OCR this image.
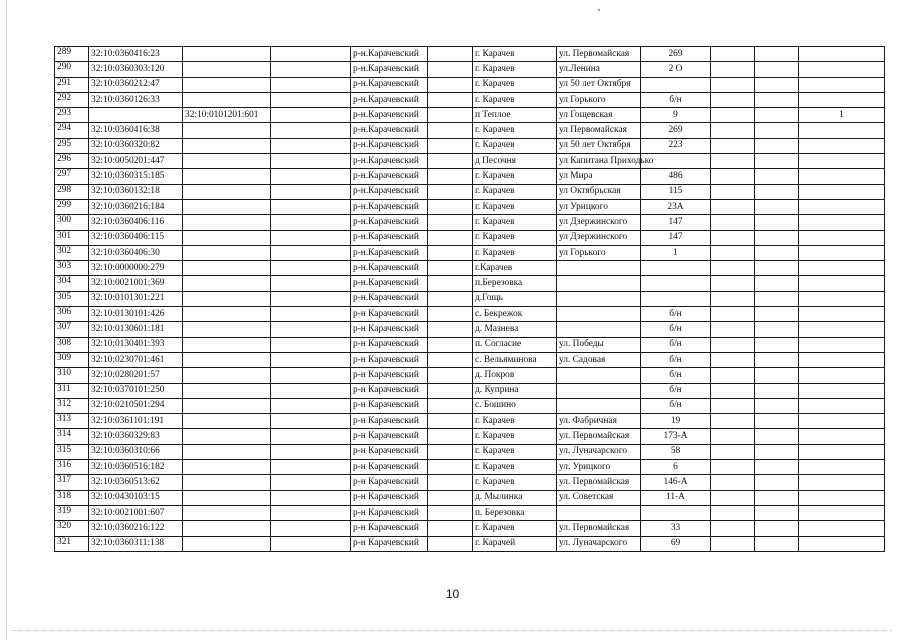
289	32:10:0360416:23			р-н.Карачевский		г. Карачев	ул. Первомайская	269			
290	32:10:0360303:120			р-н.Карачевский		г. Карачев	ул.Ленина	2 О			
291	32:10:0360212:47			р-н.Карачевский		г. Карачев	ул 50 лет Октября				
292	32:10:0360126:33			р-н.Карачевский		г. Карачев	ул Горького	б/н			
293		32:10:0101201:601		р-н.Карачевский		п Теплое	ул Гощевская	9			1
294	32:10:0360416:38			р-н.Карачевский		г. Карачев	ул Первомайская	269			
295	32:10:0360320:82			р-н.Карачевский		г. Карачев	ул 50 лет Октября	223			
296	32:10:0050201:447			р-н.Карачевский		д Песочня	ул Капитана Приходько				
297	32:10:0360315:185			р-н.Карачевский		г. Карачев	ул Мира	486			
298	32:10:0360132:18			р-н.Карачевский		г. Карачев	ул Октябрьская	115			
299	32:10:0360216:184			р-н.Карачевский		г. Карачев	ул Урицкого	23А			
300	32:10:0360406:116			р-н.Карачевский		г. Карачев	ул Дзержинского	147			
301	32:10:0360406:115			р-н.Карачевский		г. Карачев	ул Дзержинского	147			
302	32:10:0360406:30			р-н.Карачевский		г. Карачев	ул Горького	1			
303	32:10:0000000:279			р-н.Карачевский		г.Карачев					
304	32:10:0021001:369			р-н.Карачевский		п.Березовка					
305	32:10:0101301:221			р-н.Карачевский		д.Гощь					
306	32:10:0130101:426			р-н Карачевский		с. Бекрежок		б/н			
307	32:10:0130601:181			р-н Карачевский		д. Мазнева		б/н			
308	32:10:0130401:393			р-н Карачевский		п. Согласие	ул. Победы	б/н			
309	32:10:0230701:461			р-н Карачевский		с. Вельяминова	ул. Садовая	б/н			
310	32:10:0280201:57			р-н Карачевский		д. Покров		б/н			
311	32:10:0370101:250			р-н Карачевский		д. Куприна		б/н			
312	32:10:0210501:294			р-н Карачевский		с. Бошино		б/н			
313	32:10:0361101:191			р-н Карачевский		г. Карачев	ул. Фабричная	19			
314	32:10:0360329:83			р-н Карачевский		г. Карачев	ул. Первомайская	173-А			
315	32:10:0360310:66			р-н Карачевский		г. Карачев	ул. Луначарского	58			
316	32:10:0360516:182			р-н Карачевский		г. Карачев	ул. Урицкого	6			
317	32:10:0360513:62			р-н Карачевский		г. Карачев	ул. Первомайская	146-А			
318	32:10:0430103:15			р-н Карачевский		д. Мылинка	ул. Советская	11-А			
319	32:10:0021001:607			р-н Карачевский		п. Березовка					
320	32:10:0360216:122			р-н Карачевский		г. Карачев	ул. Первомайская	33			
321	32:10:0360311:138			р-н Карачевский		г. Карачей	ул. Луначарского	69			
10
